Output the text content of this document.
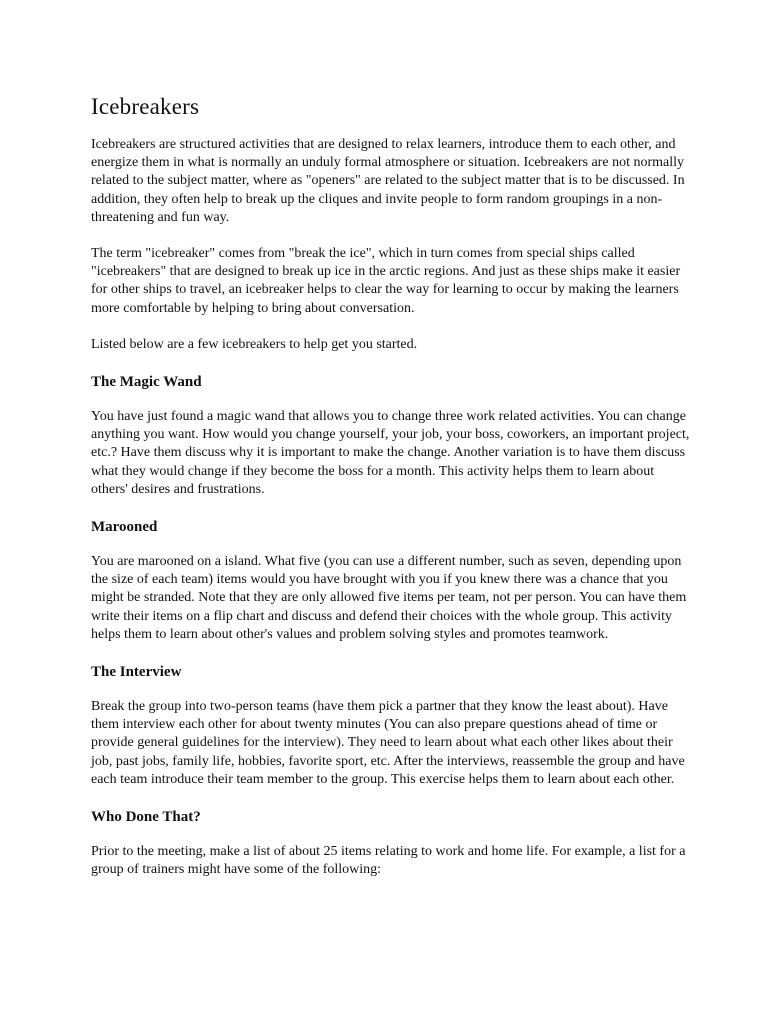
Icebreakers

Icebreakers are structured activities that are designed to relax learners, introduce them to each other, and energize them in what is normally an unduly formal atmosphere or situation. Icebreakers are not normally related to the subject matter, where as "openers" are related to the subject matter that is to be discussed. In addition, they often help to break up the cliques and invite people to form random groupings in a non-threatening and fun way.

The term "icebreaker" comes from "break the ice", which in turn comes from special ships called "icebreakers" that are designed to break up ice in the arctic regions. And just as these ships make it easier for other ships to travel, an icebreaker helps to clear the way for learning to occur by making the learners more comfortable by helping to bring about conversation.

Listed below are a few icebreakers to help get you started.

The Magic Wand

You have just found a magic wand that allows you to change three work related activities. You can change anything you want. How would you change yourself, your job, your boss, coworkers, an important project, etc.? Have them discuss why it is important to make the change. Another variation is to have them discuss what they would change if they become the boss for a month. This activity helps them to learn about others' desires and frustrations.

Marooned

You are marooned on a island. What five (you can use a different number, such as seven, depending upon the size of each team) items would you have brought with you if you knew there was a chance that you might be stranded. Note that they are only allowed five items per team, not per person. You can have them write their items on a flip chart and discuss and defend their choices with the whole group. This activity helps them to learn about other's values and problem solving styles and promotes teamwork.

The Interview

Break the group into two-person teams (have them pick a partner that they know the least about). Have them interview each other for about twenty minutes (You can also prepare questions ahead of time or provide general guidelines for the interview). They need to learn about what each other likes about their job, past jobs, family life, hobbies, favorite sport, etc. After the interviews, reassemble the group and have each team introduce their team member to the group. This exercise helps them to learn about each other.

Who Done That?

Prior to the meeting, make a list of about 25 items relating to work and home life. For example, a list for a group of trainers might have some of the following:
